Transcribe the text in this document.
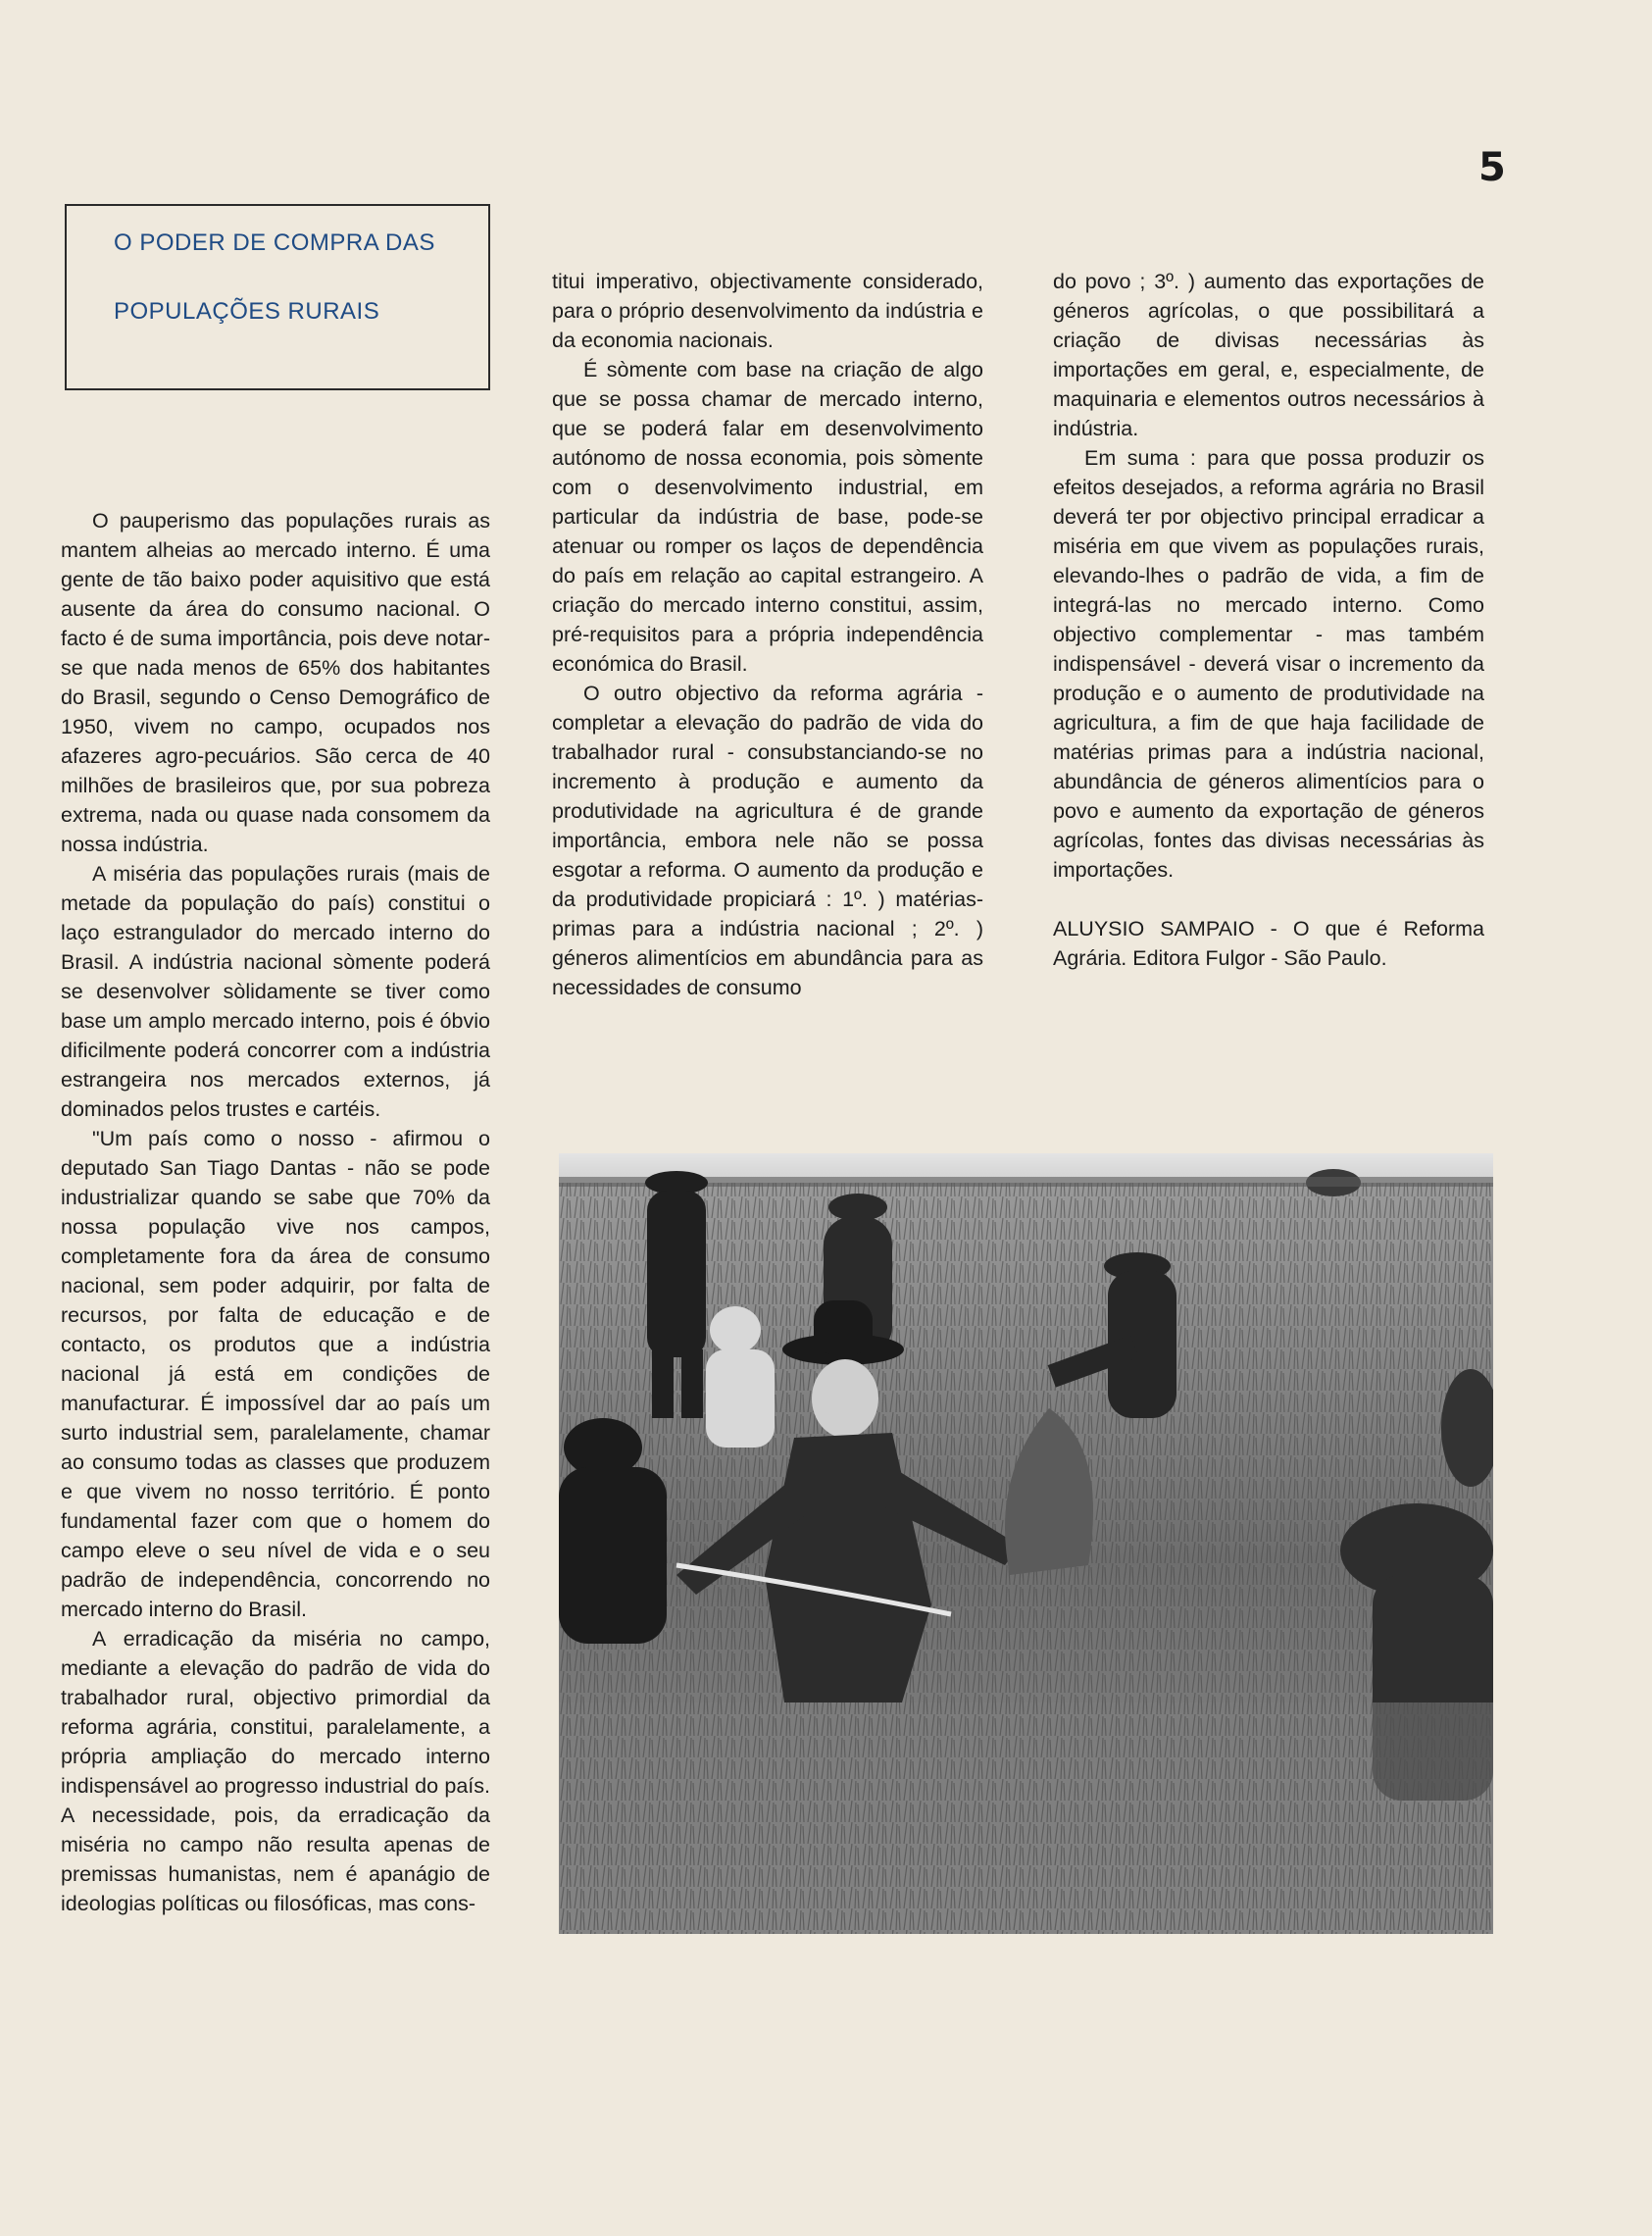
5
O PODER DE COMPRA DAS
POPULAÇÕES RURAIS

O pauperismo das populações rurais as mantem alheias ao mercado interno. É uma gente de tão baixo poder aquisitivo que está ausente da área do consumo nacional. O facto é de suma importância, pois deve notar-se que nada menos de 65% dos habitantes do Brasil, segundo o Censo Demográfico de 1950, vivem no campo, ocupados nos afazeres agro-pecuários. São cerca de 40 milhões de brasileiros que, por sua pobreza extrema, nada ou quase nada consomem da nossa indústria.

A miséria das populações rurais (mais de metade da população do país) constitui o laço estrangulador do mercado interno do Brasil. A indústria nacional sòmente poderá se desenvolver sòlidamente se tiver como base um amplo mercado interno, pois é óbvio dificilmente poderá concorrer com a indústria estrangeira nos mercados externos, já dominados pelos trustes e cartéis.

"Um país como o nosso - afirmou o deputado San Tiago Dantas - não se pode industrializar quando se sabe que 70% da nossa população vive nos campos, completamente fora da área de consumo nacional, sem poder adquirir, por falta de recursos, por falta de educação e de contacto, os produtos que a indústria nacional já está em condições de manufacturar. É impossível dar ao país um surto industrial sem, paralelamente, chamar ao consumo todas as classes que produzem e que vivem no nosso território. É ponto fundamental fazer com que o homem do campo eleve o seu nível de vida e o seu padrão de independência, concorrendo no mercado interno do Brasil.

A erradicação da miséria no campo, mediante a elevação do padrão de vida do trabalhador rural, objectivo primordial da reforma agrária, constitui, paralelamente, a própria ampliação do mercado interno indispensável ao progresso industrial do país. A necessidade, pois, da erradicação da miséria no campo não resulta apenas de premissas humanistas, nem é apanágio de ideologias políticas ou filosóficas, mas cons-

titui imperativo, objectivamente considerado, para o próprio desenvolvimento da indústria e da economia nacionais.

É sòmente com base na criação de algo que se possa chamar de mercado interno, que se poderá falar em desenvolvimento autónomo de nossa economia, pois sòmente com o desenvolvimento industrial, em particular da indústria de base, pode-se atenuar ou romper os laços de dependência do país em relação ao capital estrangeiro. A criação do mercado interno constitui, assim, pré-requisitos para a própria independência económica do Brasil.

O outro objectivo da reforma agrária - completar a elevação do padrão de vida do trabalhador rural - consubstanciando-se no incremento à produção e aumento da produtividade na agricultura é de grande importância, embora nele não se possa esgotar a reforma. O aumento da produção e da produtividade propiciará : 1º. ) matérias-primas para a indústria nacional ; 2º. ) géneros alimentícios em abundância para as necessidades de consumo

do povo ; 3º. ) aumento das exportações de géneros agrícolas, o que possibilitará a criação de divisas necessárias às importações em geral, e, especialmente, de maquinaria e elementos outros necessários à indústria.

Em suma : para que possa produzir os efeitos desejados, a reforma agrária no Brasil deverá ter por objectivo principal erradicar a miséria em que vivem as populações rurais, elevando-lhes o padrão de vida, a fim de integrá-las no mercado interno. Como objectivo complementar - mas também indispensável - deverá visar o incremento da produção e o aumento de produtividade na agricultura, a fim de que haja facilidade de matérias primas para a indústria nacional, abundância de géneros alimentícios para o povo e aumento da exportação de géneros agrícolas, fontes das divisas necessárias às importações.

ALUYSIO SAMPAIO - O que é Reforma Agrária. Editora Fulgor - São Paulo.
